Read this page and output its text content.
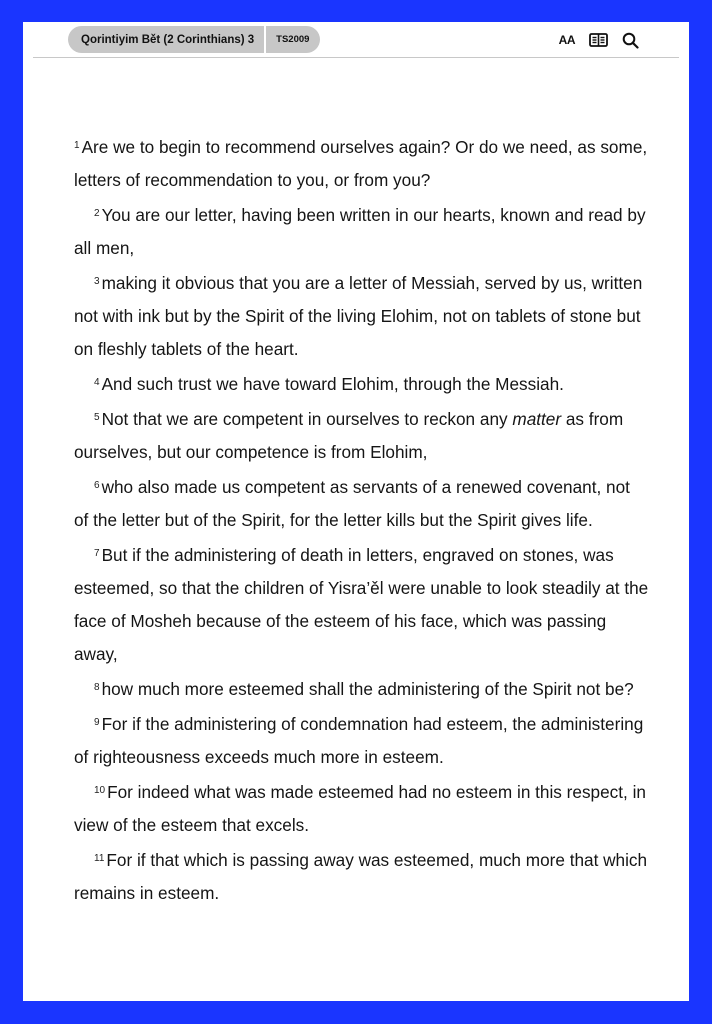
Qorintiyim Bět (2 Corinthians) 3	TS2009	AA

$^1$ Are we to begin to recommend ourselves again? Or do we need, as some, letters of recommendation to you, or from you?

$^2$ You are our letter, having been written in our hearts, known and read by all men,

$^3$ making it obvious that you are a letter of Messiah, served by us, written not with ink but by the Spirit of the living Elohim, not on tablets of stone but on fleshly tablets of the heart.

$^4$ And such trust we have toward Elohim, through the Messiah.

$^5$ Not that we are competent in ourselves to reckon any matter as from ourselves, but our competence is from Elohim,

$^6$ who also made us competent as servants of a renewed covenant, not of the letter but of the Spirit, for the letter kills but the Spirit gives life.

$^7$ But if the administering of death in letters, engraved on stones, was esteemed, so that the children of Yisra’ěl were unable to look steadily at the face of Mosheh because of the esteem of his face, which was passing away,

$^8$ how much more esteemed shall the administering of the Spirit not be?

$^9$ For if the administering of condemnation had esteem, the administering of righteousness exceeds much more in esteem.

$^{10}$ For indeed what was made esteemed had no esteem in this respect, in view of the esteem that excels.

$^{11}$ For if that which is passing away was esteemed, much more that which remains in esteem.
